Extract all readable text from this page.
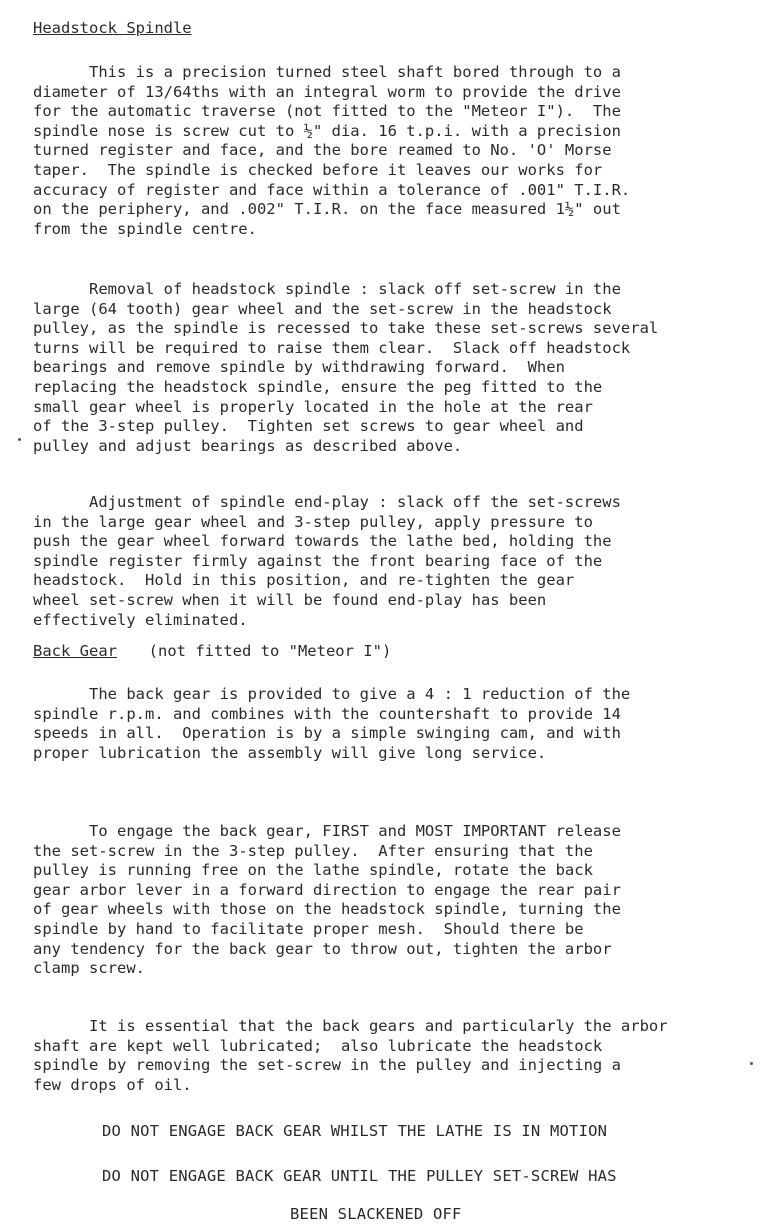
Headstock Spindle
This is a precision turned steel shaft bored through to a
diameter of 13/64ths with an integral worm to provide the drive
for the automatic traverse (not fitted to the "Meteor I").  The
spindle nose is screw cut to ½" dia. 16 t.p.i. with a precision
turned register and face, and the bore reamed to No. 'O' Morse
taper.  The spindle is checked before it leaves our works for
accuracy of register and face within a tolerance of .001" T.I.R.
on the periphery, and .002" T.I.R. on the face measured 1½" out
from the spindle centre.
Removal of headstock spindle : slack off set-screw in the
large (64 tooth) gear wheel and the set-screw in the headstock
pulley, as the spindle is recessed to take these set-screws several
turns will be required to raise them clear.  Slack off headstock
bearings and remove spindle by withdrawing forward.  When
replacing the headstock spindle, ensure the peg fitted to the
small gear wheel is properly located in the hole at the rear
of the 3-step pulley.  Tighten set screws to gear wheel and
pulley and adjust bearings as described above.
Adjustment of spindle end-play : slack off the set-screws
in the large gear wheel and 3-step pulley, apply pressure to
push the gear wheel forward towards the lathe bed, holding the
spindle register firmly against the front bearing face of the
headstock.  Hold in this position, and re-tighten the gear
wheel set-screw when it will be found end-play has been
effectively eliminated.
Back Gear (not fitted to "Meteor I")
The back gear is provided to give a 4 : 1 reduction of the
spindle r.p.m. and combines with the countershaft to provide 14
speeds in all.  Operation is by a simple swinging cam, and with
proper lubrication the assembly will give long service.
To engage the back gear, FIRST and MOST IMPORTANT release
the set-screw in the 3-step pulley.  After ensuring that the
pulley is running free on the lathe spindle, rotate the back
gear arbor lever in a forward direction to engage the rear pair
of gear wheels with those on the headstock spindle, turning the
spindle by hand to facilitate proper mesh.  Should there be
any tendency for the back gear to throw out, tighten the arbor
clamp screw.
It is essential that the back gears and particularly the arbor
shaft are kept well lubricated;  also lubricate the headstock
spindle by removing the set-screw in the pulley and injecting a
few drops of oil.
DO NOT ENGAGE BACK GEAR WHILST THE LATHE IS IN MOTION
DO NOT ENGAGE BACK GEAR UNTIL THE PULLEY SET-SCREW HAS
BEEN SLACKENED OFF
